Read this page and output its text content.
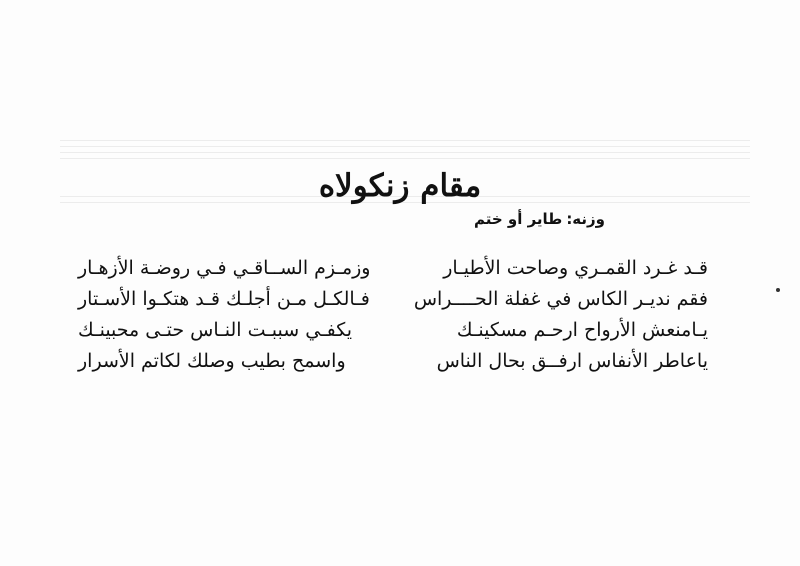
مقام زنكولاه
وزنه:طاير أو ختم
قـد غـرد القمـري وصاحت الأطيـار
وزمـزم الســاقـي فـي روضـة الأزهـار
فقم نديـر الكاس في غفلة الحــــراس
فـالكـل مـن أجلـك قـد هتكـوا الأسـتار
يـامنعش الأرواح ارحـم مسكينـك
يكفـي سببـت النـاس حتـى محبينـك
ياعاطر الأنفاس ارفــق بحال الناس
واسمح بطيب وصلك لكاتم الأسرار
